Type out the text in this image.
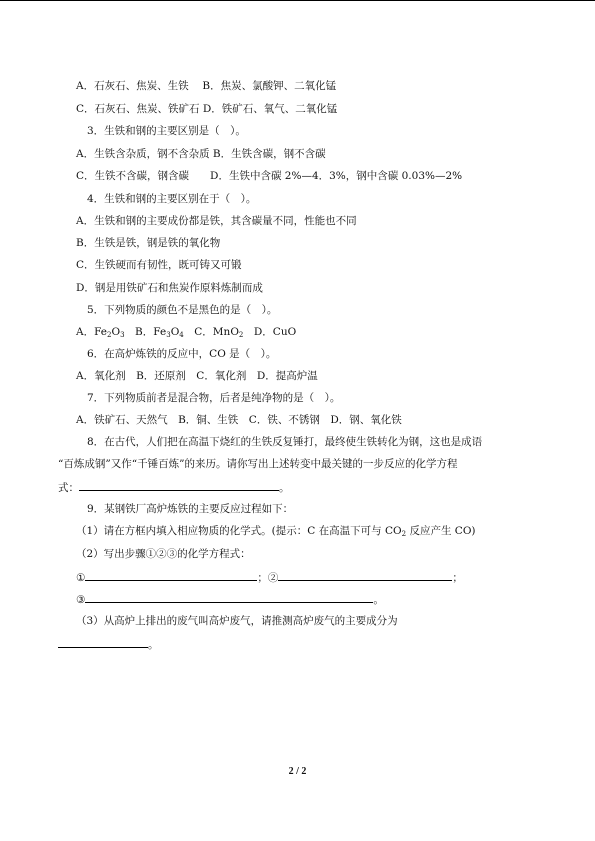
A．石灰石、焦炭、生铁　 B．焦炭、氯酸钾、二氧化锰
C．石灰石、焦炭、铁矿石 D．铁矿石、氧气、二氧化锰
3．生铁和钢的主要区别是（　）。
A．生铁含杂质，钢不含杂质 B．生铁含碳，钢不含碳
C．生铁不含碳，钢含碳　　D．生铁中含碳 2%—4．3%，钢中含碳 0.03%—2%
4．生铁和钢的主要区别在于（　）。
A．生铁和钢的主要成份都是铁，其含碳量不同，性能也不同
B．生铁是铁，钢是铁的氧化物
C．生铁硬而有韧性，既可铸又可锻
D．钢是用铁矿石和焦炭作原料炼制而成
5．下列物质的颜色不是黑色的是（　）。
A．$Fe_2O_3$　B．$Fe_3O_4$　C．MnO$_2$　D．CuO
6．在高炉炼铁的反应中，CO 是（　）。
A．氧化剂　B．还原剂　C．氧化剂　D．提高炉温
7．下列物质前者是混合物，后者是纯净物的是（　）。
A．铁矿石、天然气　B．铜、生铁　C．铁、不锈钢　D．钢、氧化铁
8．在古代，人们把在高温下烧红的生铁反复锤打，最终使生铁转化为钢，这也是成语
“百炼成钢”又作“千锤百炼”的来历。请你写出上述转变中最关键的一步反应的化学方程
式：	。
9．某钢铁厂高炉炼铁的主要反应过程如下：
（1）请在方框内填入相应物质的化学式。(提示：C 在高温下可与 $CO_2$ 反应产生 CO)
（2）写出步骤①②③的化学方程式：
①	；②	；
③	。
（3）从高炉上排出的废气叫高炉废气，请推测高炉废气的主要成分为
。
2 / 2
